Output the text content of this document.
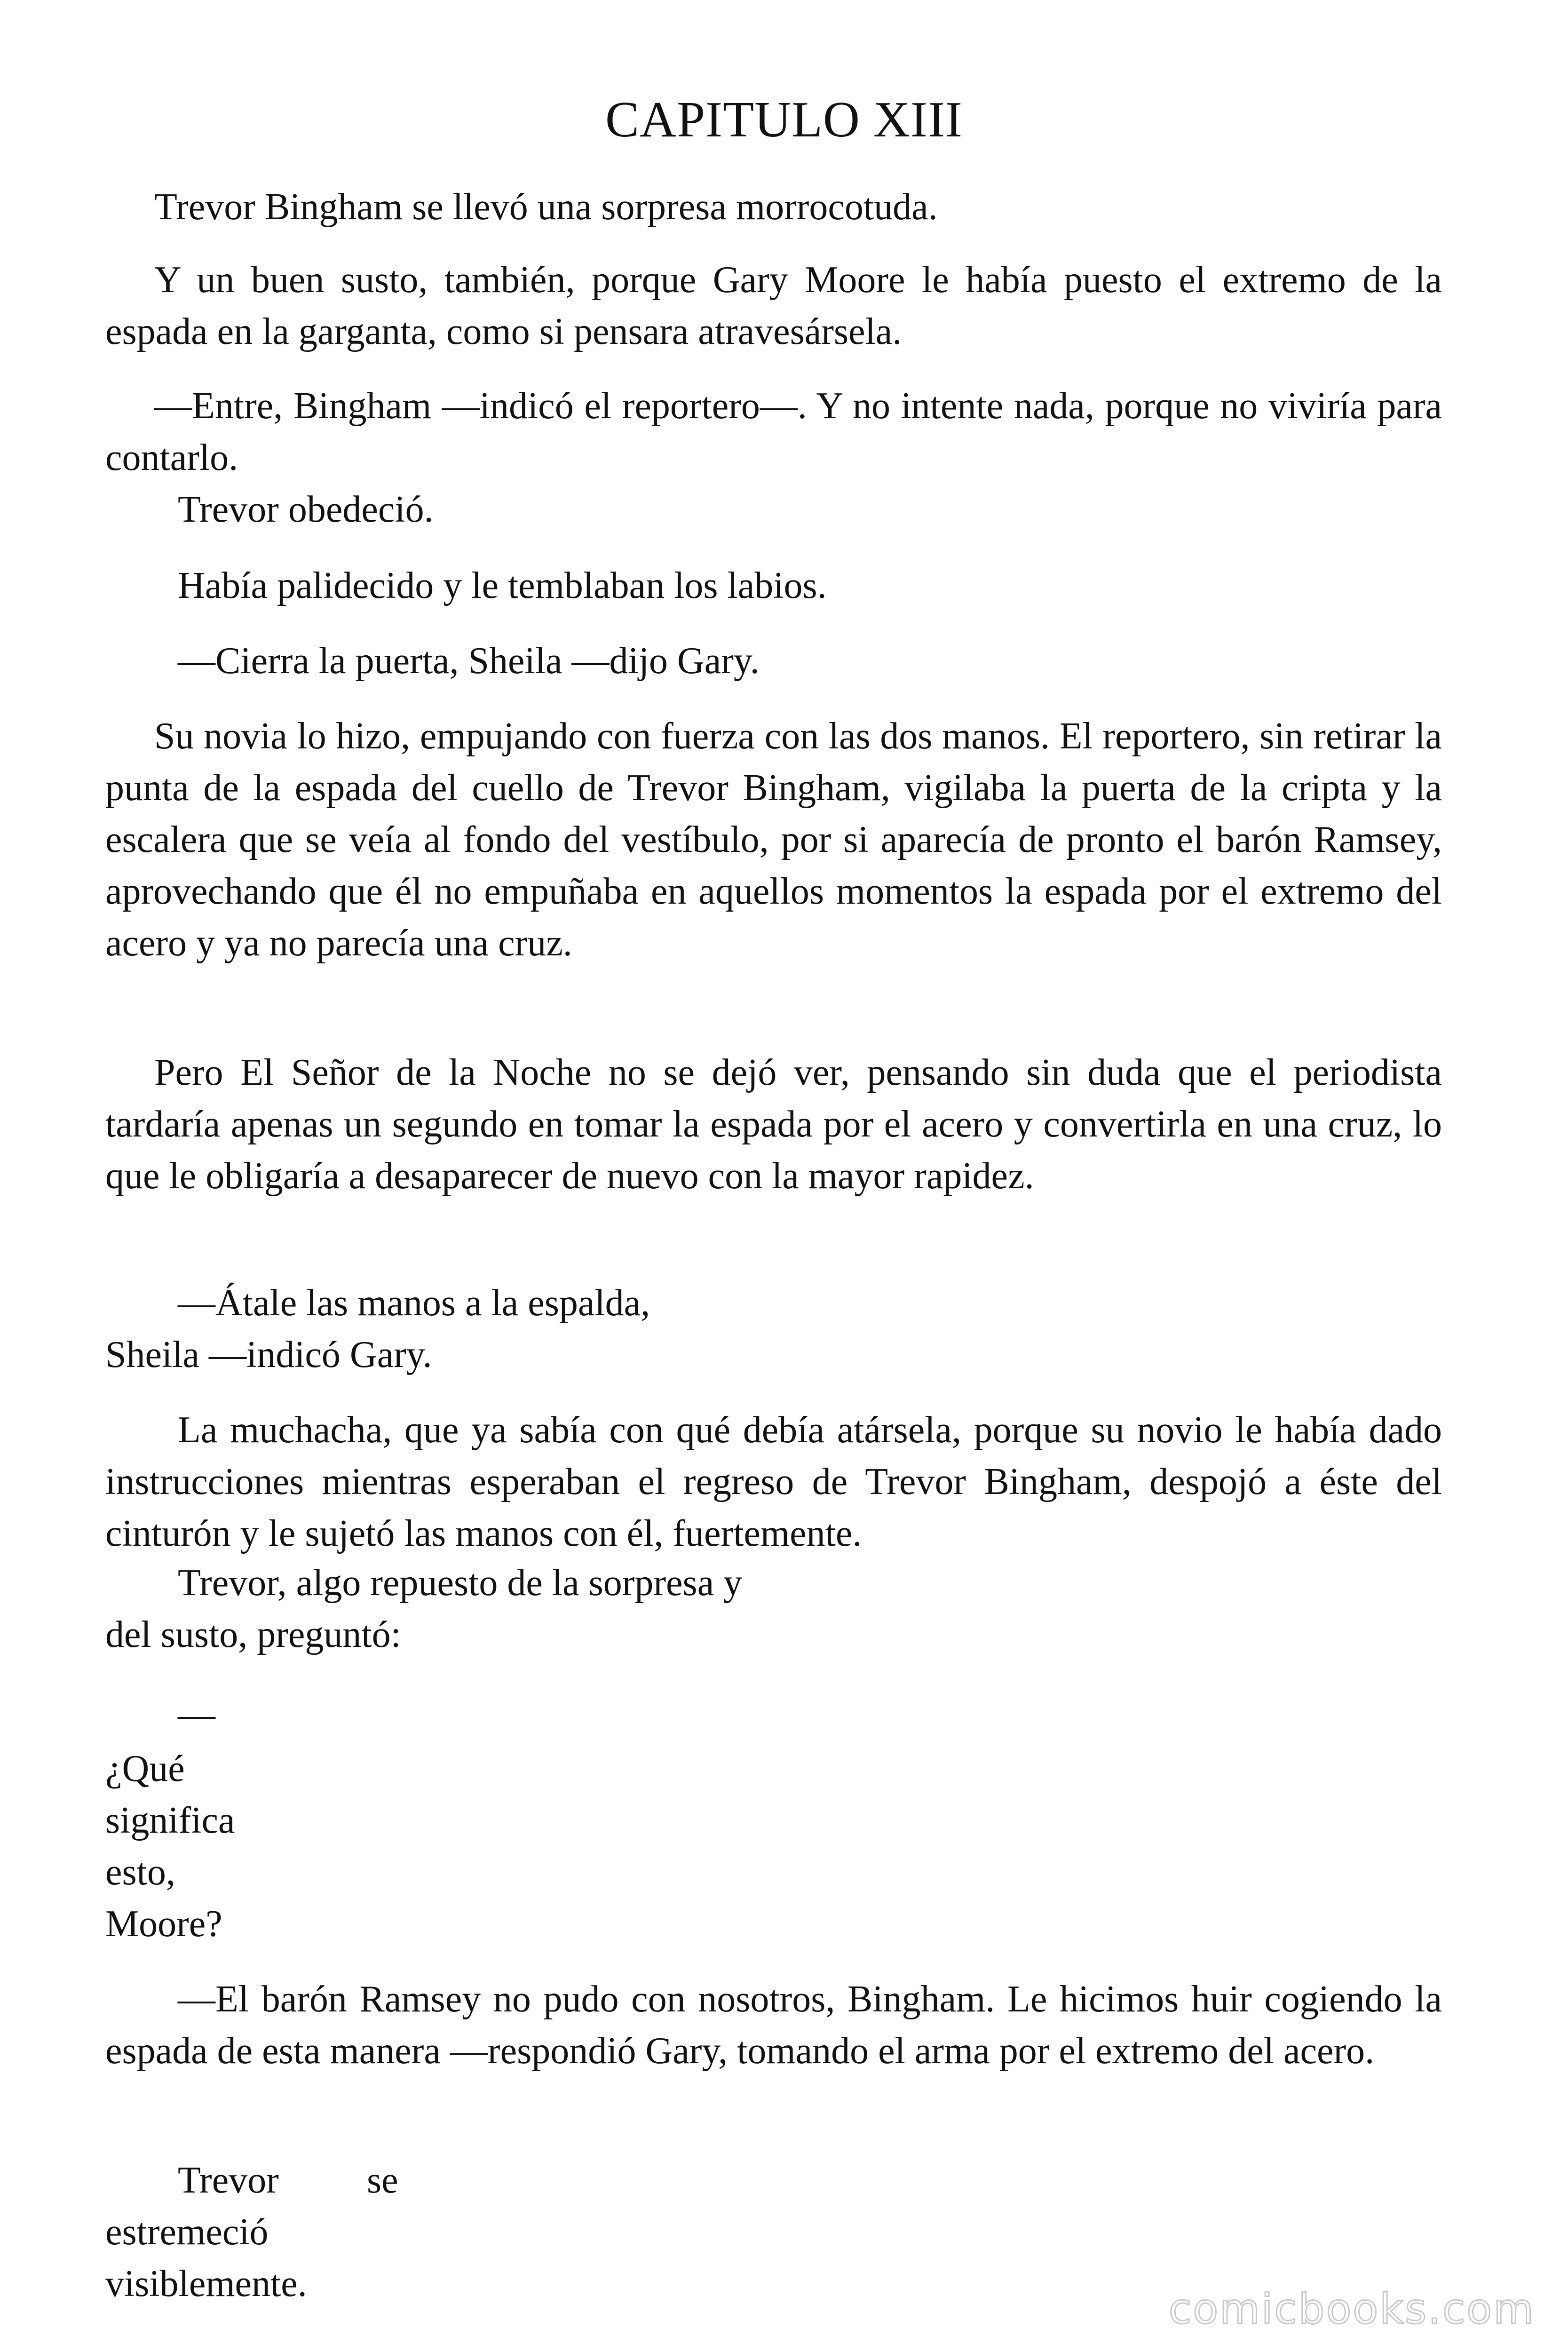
CAPITULO XIII

Trevor Bingham se llevó una sorpresa morrocotuda.

Y un buen susto, también, porque Gary Moore le había puesto el extremo de la espada en la garganta, como si pensara atravesársela.

—Entre, Bingham —indicó el reportero—. Y no intente nada, porque no viviría para contarlo.

Trevor obedeció.
Había palidecido y le temblaban los labios.
—Cierra la puerta, Sheila —dijo Gary.

Su novia lo hizo, empujando con fuerza con las dos manos. El reportero, sin retirar la punta de la espada del cuello de Trevor Bingham, vigilaba la puerta de la cripta y la escalera que se veía al fondo del vestíbulo, por si aparecía de pronto el barón Ramsey, aprovechando que él no empuñaba en aquellos momentos la espada por el extremo del acero y ya no parecía una cruz.

Pero El Señor de la Noche no se dejó ver, pensando sin duda que el periodista tardaría apenas un segundo en tomar la espada por el acero y convertirla en una cruz, lo que le obligaría a desaparecer de nuevo con la mayor rapidez.

—Átale las manos a la espalda,
Sheila —indicó Gary.

La muchacha, que ya sabía con qué debía atársela, porque su novio le había dado instrucciones mientras esperaban el regreso de Trevor Bingham, despojó a éste del cinturón y le sujetó las manos con él, fuertemente.

Trevor, algo repuesto de la sorpresa y
del susto, preguntó:
—
¿Qué
significa
esto,
Moore?

—El barón Ramsey no pudo con nosotros, Bingham. Le hicimos huir cogiendo la espada de esta manera —respondió Gary, tomando el arma por el extremo del acero.

Trevor se
estremeció
visiblemente.
comicbooks.com
